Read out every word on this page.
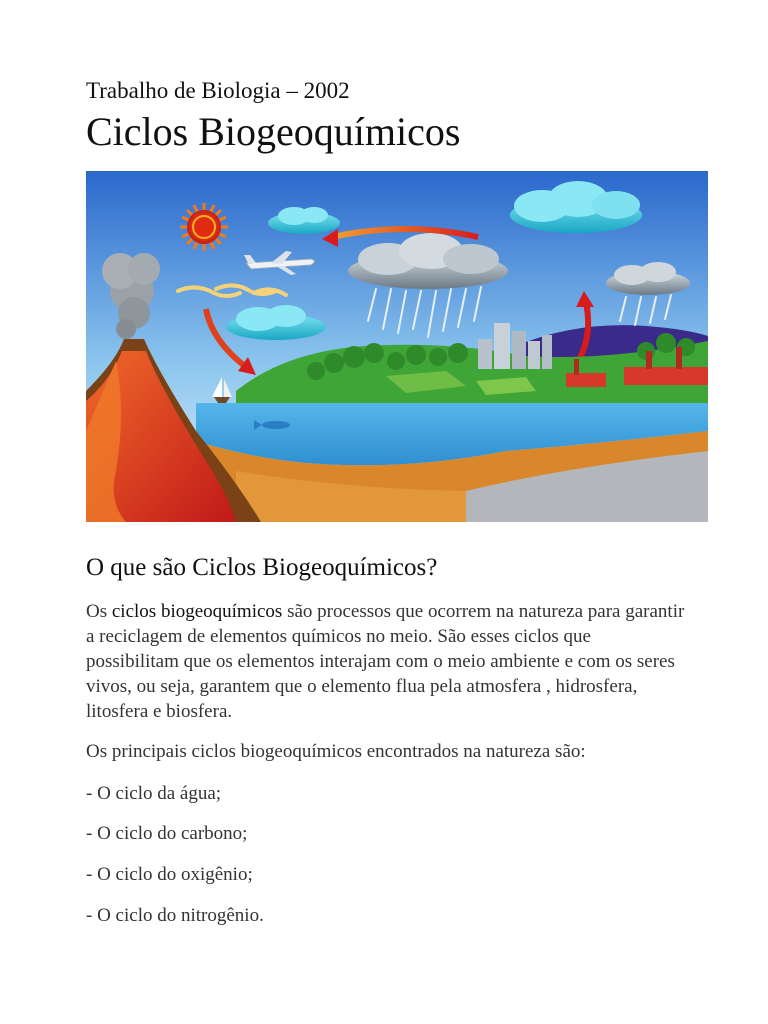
Trabalho de Biologia – 2002
Ciclos Biogeoquímicos
O que são Ciclos Biogeoquímicos?
Os ciclos biogeoquímicos são processos que ocorrem na natureza para garantir a reciclagem de elementos químicos no meio. São esses ciclos que possibilitam que os elementos interajam com o meio ambiente e com os seres vivos, ou seja, garantem que o elemento flua pela atmosfera , hidrosfera, litosfera e biosfera.
Os principais ciclos biogeoquímicos encontrados na natureza são:
- O ciclo da água;
- O ciclo do carbono;
- O ciclo do oxigênio;
- O ciclo do nitrogênio.
